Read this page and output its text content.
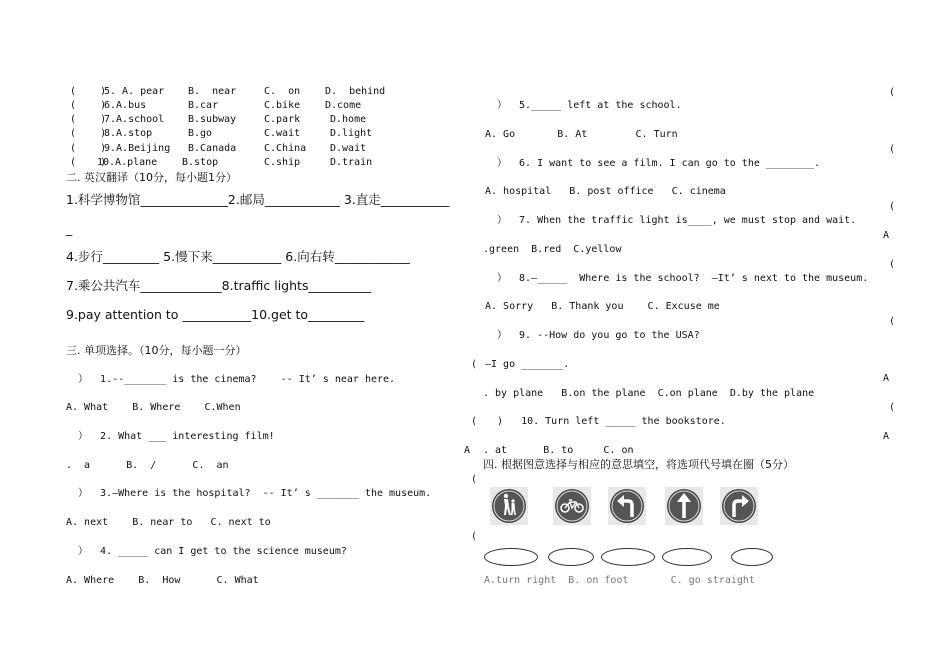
(    )
5. A. pear B.  near	C.  on D.  behind
(    )
6.A.bus	B.car	C.bike D.come
(    )
7.A.school B.subway	C.park	D.home
(    )
8.A.stop	B.go	C.wait	D.light
(    )
9.A.Beijing B.Canada	C.China D.wait
(    )
10.A.plane B.stop	C.ship	D.train
二. 英汉翻译（10分，每小题1分）
1.科学博物馆______________2.邮局____________ 3.直走___________
_
4.步行_________ 5.慢下来___________ 6.向右转____________
7.乘公共汽车_____________8.traffic lights__________
9.pay attention to ___________10.get to_________
三. 单项选择。（10分，每小题一分）
）  1.--_______ is the cinema?    -- It’ s near here.
A. What    B. Where    C.When
）  2. What ___ interesting film!
.  a      B.  /      C.  an
）  3.—Where is the hospital?  -- It’ s _______ the museum.
A. next    B. near to   C. next to
）  4. _____ can I get to the science museum?
A. Where    B.  How      C. What
）  5._____ left at the school.
A. Go       B. At        C. Turn
）  6. I want to see a film. I can go to the ________.
A. hospital   B. post office   C. cinema
）  7. When the traffic light is____, we must stop and wait.
.green  B.red  C.yellow
）  8.—_____  Where is the school?  —It’ s next to the museum.
A. Sorry   B. Thank you    C. Excuse me
）  9. --How do you go to the USA?
( —I go _______.
. by plane   B.on the plane  C.on plane  D.by the plane
( )   10. Turn left _____ the bookstore.
A . at      B. to     C. on
四. 根据图意选择与相应的意思填空，将选项代号填在圈（5分）
(
(
A.turn right  B. on foot       C. go straight
(
(
(
A
(
(
A
(
A
